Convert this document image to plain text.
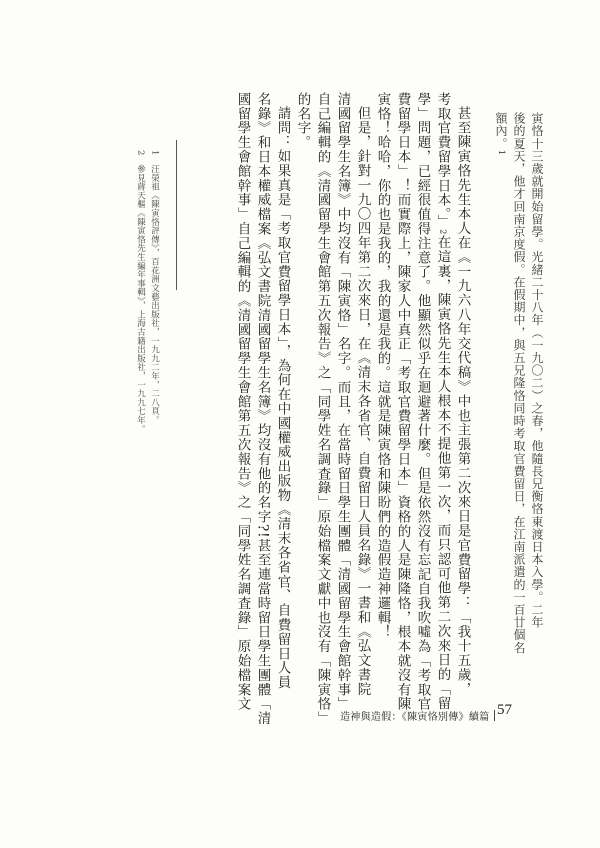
寅恪十三歲就開始留學。光緒二十八年（一九〇二）之春，他隨長兄衡恪東渡日本入學。二年
後的夏天，他才回南京度假。在假期中，與五兄隆恪同時考取官費留日，在江南派遣的一百廿個名
額內。1
甚至陳寅恪先生本人在《一九六八年交代稿》中也主張第二次來日是官費留學：「我十五歲，
考取官費留學日本。」2在這裏，陳寅恪先生本人根本不提他第一次，而只認可他第二次來日的「留
學」問題，已經很值得注意了。他顯然似乎在迴避著什麼。但是依然沒有忘記自我吹噓為「考取官
費留學日本」！而實際上，陳家人中真正「考取官費留學日本」資格的人是陳隆恪，根本就沒有陳
寅恪！哈哈，你的也是我的，我的還是我的。這就是陳寅恪和陳盼們的造假造神邏輯！
但是，針對一九〇四年第二次來日，在《清末各省官、自費留日人員名錄》一書和《弘文書院
清國留學生名簿》中均沒有「陳寅恪」名字。而且，在當時留日學生團體「清國留學生會館幹事」
自己編輯的《清國留學生會館第五次報告》之「同學姓名調査錄」原始檔案文獻中也沒有「陳寅恪」
的名字。
請問：如果真是「考取官費留學日本」，為何在中國權威出版物《清末各省官、自費留日人員
名錄》和日本權威檔案《弘文書院清國留學生名簿》均沒有他的名字?!甚至連當時留日學生團體「清
國留學生會館幹事」自己編輯的《清國留學生會館第五次報告》之「同學姓名調査錄」原始檔案文
1　汪榮祖《陳寅恪評傳》，百花洲文藝出版社，一九九二年，二八頁。
2　參見蔣天樞《陳寅恪先生編年事輯》，上海古籍出版社，一九九七年。
造神與造假：《陳寅恪別傳》續篇 57
